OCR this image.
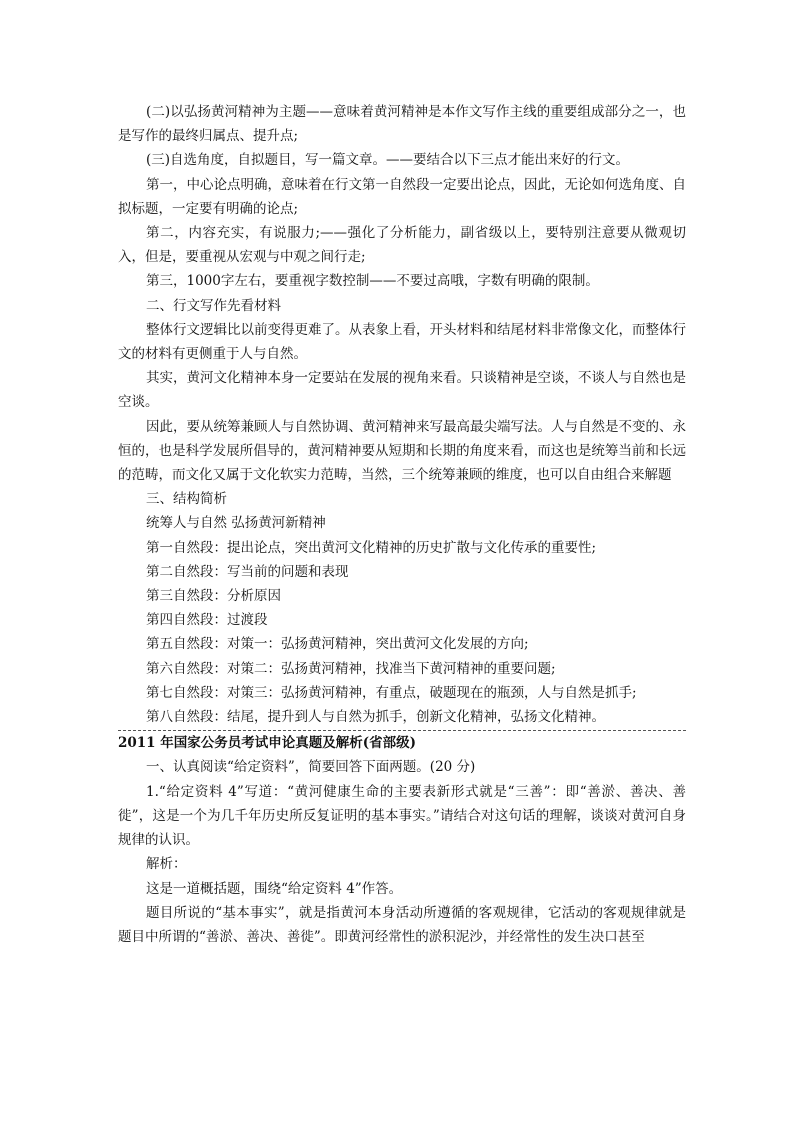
(二)以弘扬黄河精神为主题——意味着黄河精神是本作文写作主线的重要组成部分之一，也是写作的最终归属点、提升点;

(三)自选角度，自拟题目，写一篇文章。——要结合以下三点才能出来好的行文。

第一，中心论点明确，意味着在行文第一自然段一定要出论点，因此，无论如何选角度、自拟标题，一定要有明确的论点;

第二，内容充实，有说服力;——强化了分析能力，副省级以上，要特别注意要从微观切入，但是，要重视从宏观与中观之间行走;

第三，1000字左右，要重视字数控制——不要过高哦，字数有明确的限制。

二、行文写作先看材料

整体行文逻辑比以前变得更难了。从表象上看，开头材料和结尾材料非常像文化，而整体行文的材料有更侧重于人与自然。

其实，黄河文化精神本身一定要站在发展的视角来看。只谈精神是空谈，不谈人与自然也是空谈。

因此，要从统筹兼顾人与自然协调、黄河精神来写最高最尖端写法。人与自然是不变的、永恒的，也是科学发展所倡导的，黄河精神要从短期和长期的角度来看，而这也是统筹当前和长远的范畴，而文化又属于文化软实力范畴，当然，三个统筹兼顾的维度，也可以自由组合来解题

三、结构简析

统筹人与自然 弘扬黄河新精神

第一自然段：提出论点，突出黄河文化精神的历史扩散与文化传承的重要性;

第二自然段：写当前的问题和表现

第三自然段：分析原因

第四自然段：过渡段

第五自然段：对策一：弘扬黄河精神，突出黄河文化发展的方向;

第六自然段：对策二：弘扬黄河精神，找准当下黄河精神的重要问题;

第七自然段：对策三：弘扬黄河精神，有重点，破题现在的瓶颈，人与自然是抓手;

第八自然段：结尾，提升到人与自然为抓手，创新文化精神，弘扬文化精神。

2011 年国家公务员考试申论真题及解析(省部级)

一、认真阅读“给定资料”，简要回答下面两题。(20 分)

1.“给定资料 4”写道：“黄河健康生命的主要表新形式就是“三善”：即“善淤、善决、善徙”，这是一个为几千年历史所反复证明的基本事实。”请结合对这句话的理解，谈谈对黄河自身规律的认识。

解析：

这是一道概括题，围绕“给定资料 4”作答。

题目所说的“基本事实”，就是指黄河本身活动所遵循的客观规律，它活动的客观规律就是题目中所谓的“善淤、善决、善徙”。即黄河经常性的淤积泥沙，并经常性的发生决口甚至
